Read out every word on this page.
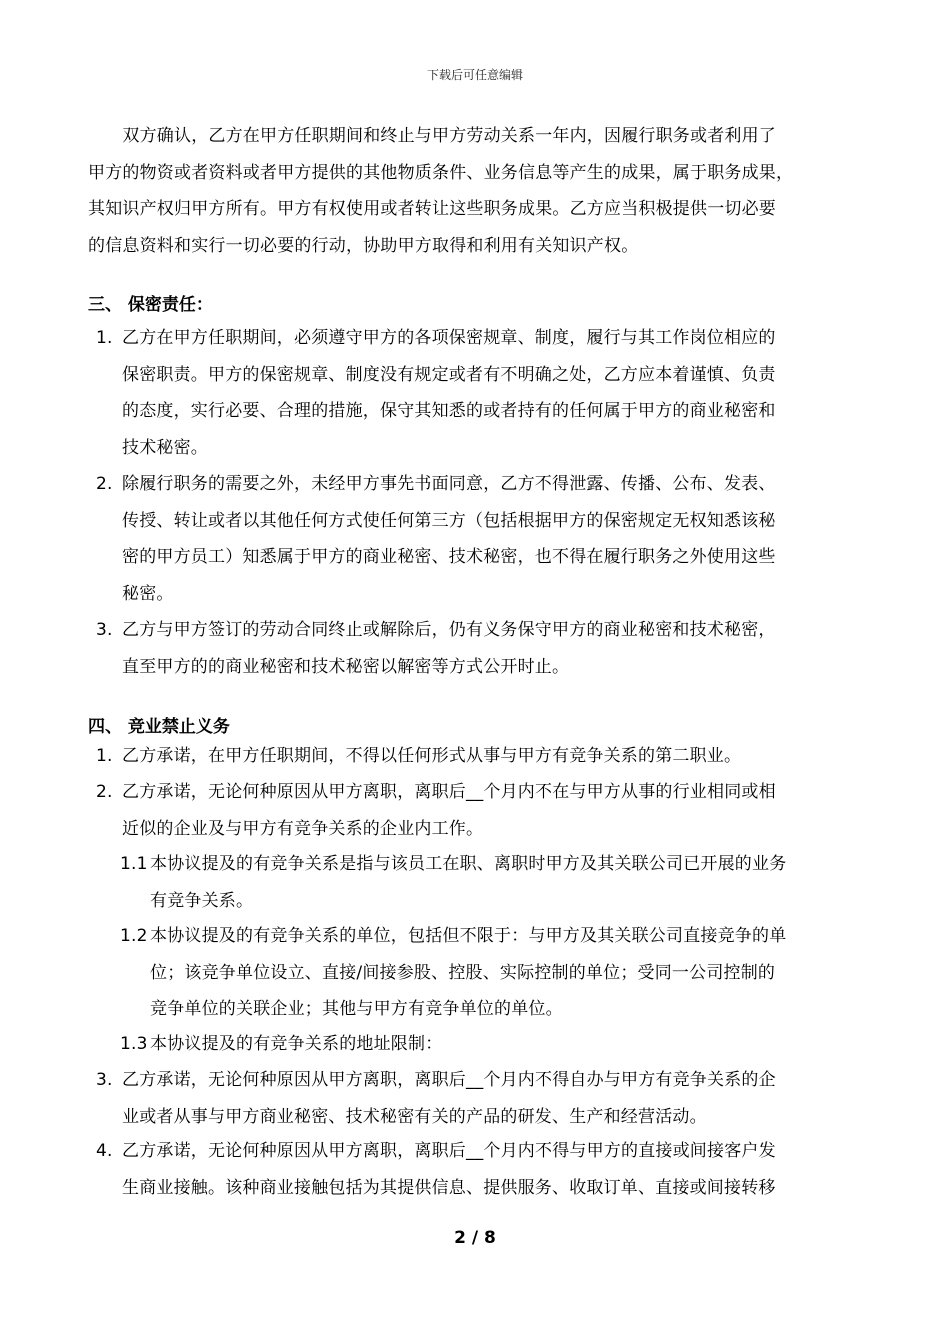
下载后可任意编辑
　　双方确认，乙方在甲方任职期间和终止与甲方劳动关系一年内，因履行职务或者利用了
甲方的物资或者资料或者甲方提供的其他物质条件、业务信息等产生的成果，属于职务成果，
其知识产权归甲方所有。甲方有权使用或者转让这些职务成果。乙方应当积极提供一切必要
的信息资料和实行一切必要的行动，协助甲方取得和利用有关知识产权。
三、 保密责任：
1. 乙方在甲方任职期间，必须遵守甲方的各项保密规章、制度，履行与其工作岗位相应的
保密职责。甲方的保密规章、制度没有规定或者有不明确之处，乙方应本着谨慎、负责
的态度，实行必要、合理的措施，保守其知悉的或者持有的任何属于甲方的商业秘密和
技术秘密。
2. 除履行职务的需要之外，未经甲方事先书面同意，乙方不得泄露、传播、公布、发表、
传授、转让或者以其他任何方式使任何第三方（包括根据甲方的保密规定无权知悉该秘
密的甲方员工）知悉属于甲方的商业秘密、技术秘密，也不得在履行职务之外使用这些
秘密。
3. 乙方与甲方签订的劳动合同终止或解除后，仍有义务保守甲方的商业秘密和技术秘密，
直至甲方的的商业秘密和技术秘密以解密等方式公开时止。
四、 竞业禁止义务
1. 乙方承诺，在甲方任职期间，不得以任何形式从事与甲方有竞争关系的第二职业。
2. 乙方承诺，无论何种原因从甲方离职，离职后__个月内不在与甲方从事的行业相同或相
近似的企业及与甲方有竞争关系的企业内工作。
1.1 本协议提及的有竞争关系是指与该员工在职、离职时甲方及其关联公司已开展的业务
有竞争关系。
1.2 本协议提及的有竞争关系的单位，包括但不限于：与甲方及其关联公司直接竞争的单
位；该竞争单位设立、直接/间接参股、控股、实际控制的单位；受同一公司控制的
竞争单位的关联企业；其他与甲方有竞争单位的单位。
1.3 本协议提及的有竞争关系的地址限制：
3. 乙方承诺，无论何种原因从甲方离职，离职后__个月内不得自办与甲方有竞争关系的企
业或者从事与甲方商业秘密、技术秘密有关的产品的研发、生产和经营活动。
4. 乙方承诺，无论何种原因从甲方离职，离职后__个月内不得与甲方的直接或间接客户发
生商业接触。该种商业接触包括为其提供信息、提供服务、收取订单、直接或间接转移
2 / 8
